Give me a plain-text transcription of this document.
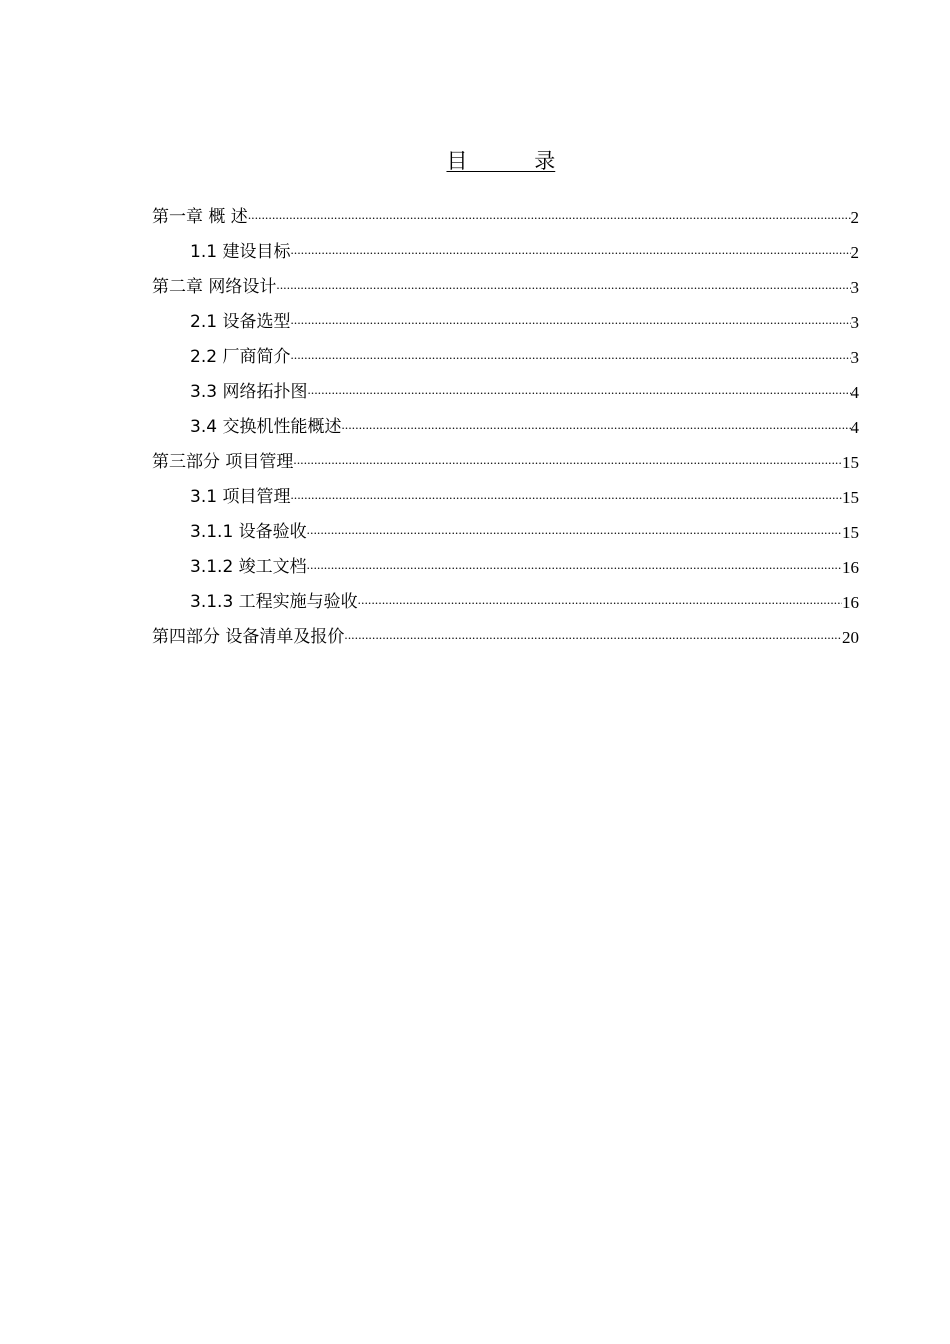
目          录

第一章 概 述 .....	2
1.1 建设目标 .....	2
第二章 网络设计 .....	3
2.1 设备选型 .....	3
2.2 厂商简介 .....	3
3.3 网络拓扑图 .....	4
3.4 交换机性能概述 .....	4
第三部分 项目管理 .....	15
3.1 项目管理 .....	15
3.1.1 设备验收 .....	15
3.1.2 竣工文档 .....	16
3.1.3 工程实施与验收 .....	16
第四部分 设备清单及报价 .....	20
